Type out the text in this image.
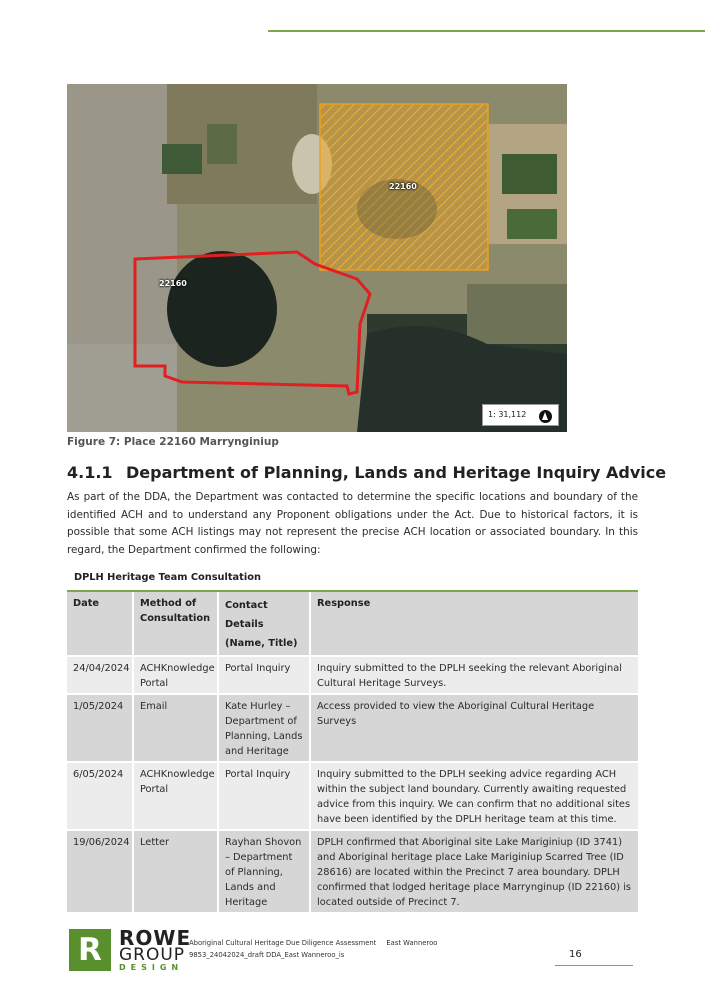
22160
22160
1: 31,112
Figure 7: Place 22160 Marrynginiup
4.1.1 Department of Planning, Lands and Heritage Inquiry Advice

As part of the DDA, the Department was contacted to determine the specific locations and boundary of the identified ACH and to understand any Proponent obligations under the Act. Due to historical factors, it is possible that some ACH listings may not represent the precise ACH location or associated boundary. In this regard, the Department confirmed the following:

DPLH Heritage Team Consultation
Date	Method of Consultation	Contact Details (Name, Title)	Response
24/04/2024	ACHKnowledge Portal	Portal Inquiry	Inquiry submitted to the DPLH seeking the relevant Aboriginal Cultural Heritage Surveys.
1/05/2024	Email	Kate Hurley – Department of Planning, Lands and Heritage	Access provided to view the Aboriginal Cultural Heritage Surveys
6/05/2024	ACHKnowledge Portal	Portal Inquiry	Inquiry submitted to the DPLH seeking advice regarding ACH within the subject land boundary. Currently awaiting requested advice from this inquiry. We can confirm that no additional sites have been identified by the DPLH heritage team at this time.
19/06/2024	Letter	Rayhan Shovon – Department of Planning, Lands and Heritage	DPLH confirmed that Aboriginal site Lake Mariginiup (ID 3741) and Aboriginal heritage place Lake Mariginiup Scarred Tree (ID 28616) are located within the Precinct 7 area boundary. DPLH confirmed that lodged heritage place Marrynginup (ID 22160) is located outside of Precinct 7.
R ROWE
GROUP
DESIGN
Aboriginal Cultural Heritage Due Diligence Assessment East Wanneroo
9853_24042024_draft DDA_East Wanneroo_is	16
